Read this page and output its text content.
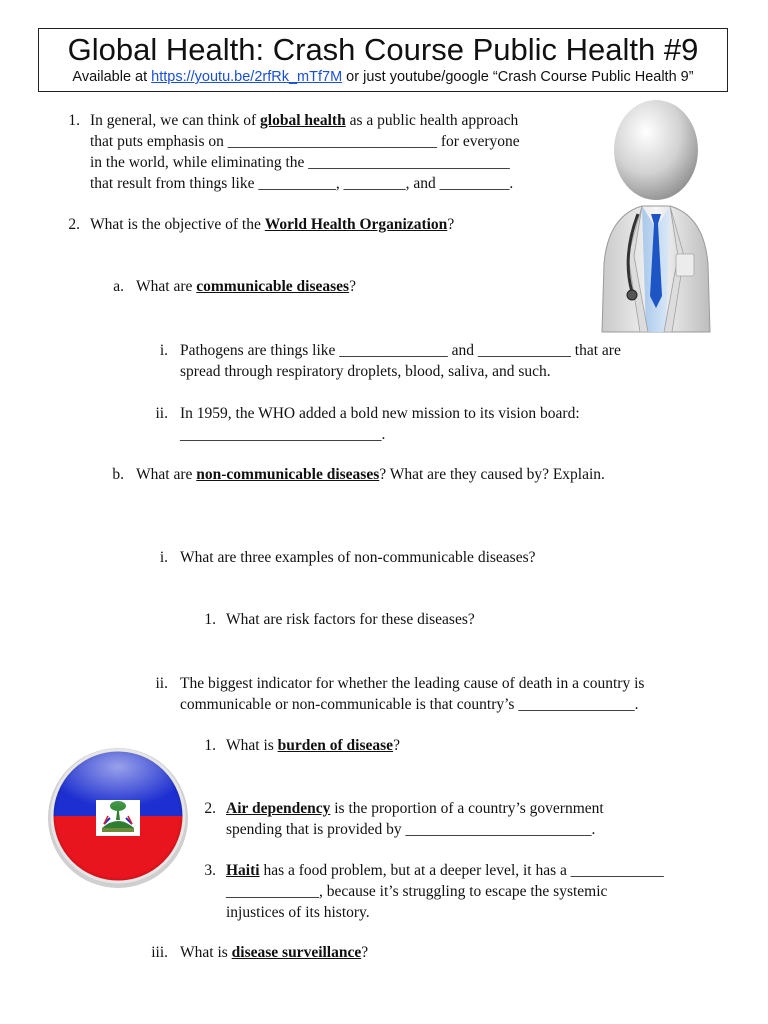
Global Health: Crash Course Public Health #9
Available at https://youtu.be/2rfRk_mTf7M or just youtube/google “Crash Course Public Health 9”
1. In general, we can think of global health as a public health approach

that puts emphasis on ___________________________ for everyone

in the world, while eliminating the __________________________

that result from things like __________, ________, and _________.

2. What is the objective of the World Health Organization?

a. What are communicable diseases?

i. Pathogens are things like ______________ and ____________ that are

spread through respiratory droplets, blood, saliva, and such.

ii. In 1959, the WHO added a bold new mission to its vision board:

__________________________.

b. What are non-communicable diseases? What are they caused by? Explain.

i. What are three examples of non-communicable diseases?

1. What are risk factors for these diseases?

ii. The biggest indicator for whether the leading cause of death in a country is

communicable or non-communicable is that country’s _______________.

1. What is burden of disease?

2. Air dependency is the proportion of a country’s government

spending that is provided by ________________________.

3. Haiti has a food problem, but at a deeper level, it has a ____________

____________, because it’s struggling to escape the systemic

injustices of its history.

iii. What is disease surveillance?
